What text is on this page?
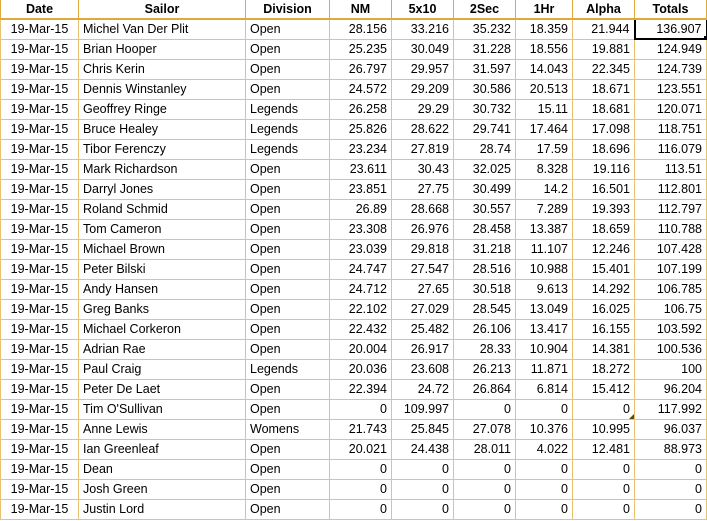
Date	Sailor	Division	NM	5x10	2Sec	1Hr	Alpha	Totals
19-Mar-15	Michel Van Der Plit	Open	28.156	33.216	35.232	18.359	21.944	136.907

19-Mar-15	Brian Hooper	Open	25.235	30.049	31.228	18.556	19.881	124.949
19-Mar-15	Chris Kerin	Open	26.797	29.957	31.597	14.043	22.345	124.739
19-Mar-15	Dennis Winstanley	Open	24.572	29.209	30.586	20.513	18.671	123.551
19-Mar-15	Geoffrey Ringe	Legends	26.258	29.29	30.732	15.11	18.681	120.071
19-Mar-15	Bruce Healey	Legends	25.826	28.622	29.741	17.464	17.098	118.751
19-Mar-15	Tibor Ferenczy	Legends	23.234	27.819	28.74	17.59	18.696	116.079
19-Mar-15	Mark Richardson	Open	23.611	30.43	32.025	8.328	19.116	113.51
19-Mar-15	Darryl Jones	Open	23.851	27.75	30.499	14.2	16.501	112.801
19-Mar-15	Roland Schmid	Open	26.89	28.668	30.557	7.289	19.393	112.797
19-Mar-15	Tom Cameron	Open	23.308	26.976	28.458	13.387	18.659	110.788
19-Mar-15	Michael Brown	Open	23.039	29.818	31.218	11.107	12.246	107.428
19-Mar-15	Peter Bilski	Open	24.747	27.547	28.516	10.988	15.401	107.199
19-Mar-15	Andy Hansen	Open	24.712	27.65	30.518	9.613	14.292	106.785
19-Mar-15	Greg Banks	Open	22.102	27.029	28.545	13.049	16.025	106.75
19-Mar-15	Michael Corkeron	Open	22.432	25.482	26.106	13.417	16.155	103.592
19-Mar-15	Adrian Rae	Open	20.004	26.917	28.33	10.904	14.381	100.536
19-Mar-15	Paul Craig	Legends	20.036	23.608	26.213	11.871	18.272	100
19-Mar-15	Peter De Laet	Open	22.394	24.72	26.864	6.814	15.412	96.204
19-Mar-15	Tim O'Sullivan	Open	0	109.997	0	0	0	117.992
19-Mar-15	Anne Lewis	Womens	21.743	25.845	27.078	10.376	10.995	96.037
19-Mar-15	Ian Greenleaf	Open	20.021	24.438	28.011	4.022	12.481	88.973
19-Mar-15	Dean	Open	0	0	0	0	0	0
19-Mar-15	Josh Green	Open	0	0	0	0	0	0
19-Mar-15	Justin Lord	Open	0	0	0	0	0	0
